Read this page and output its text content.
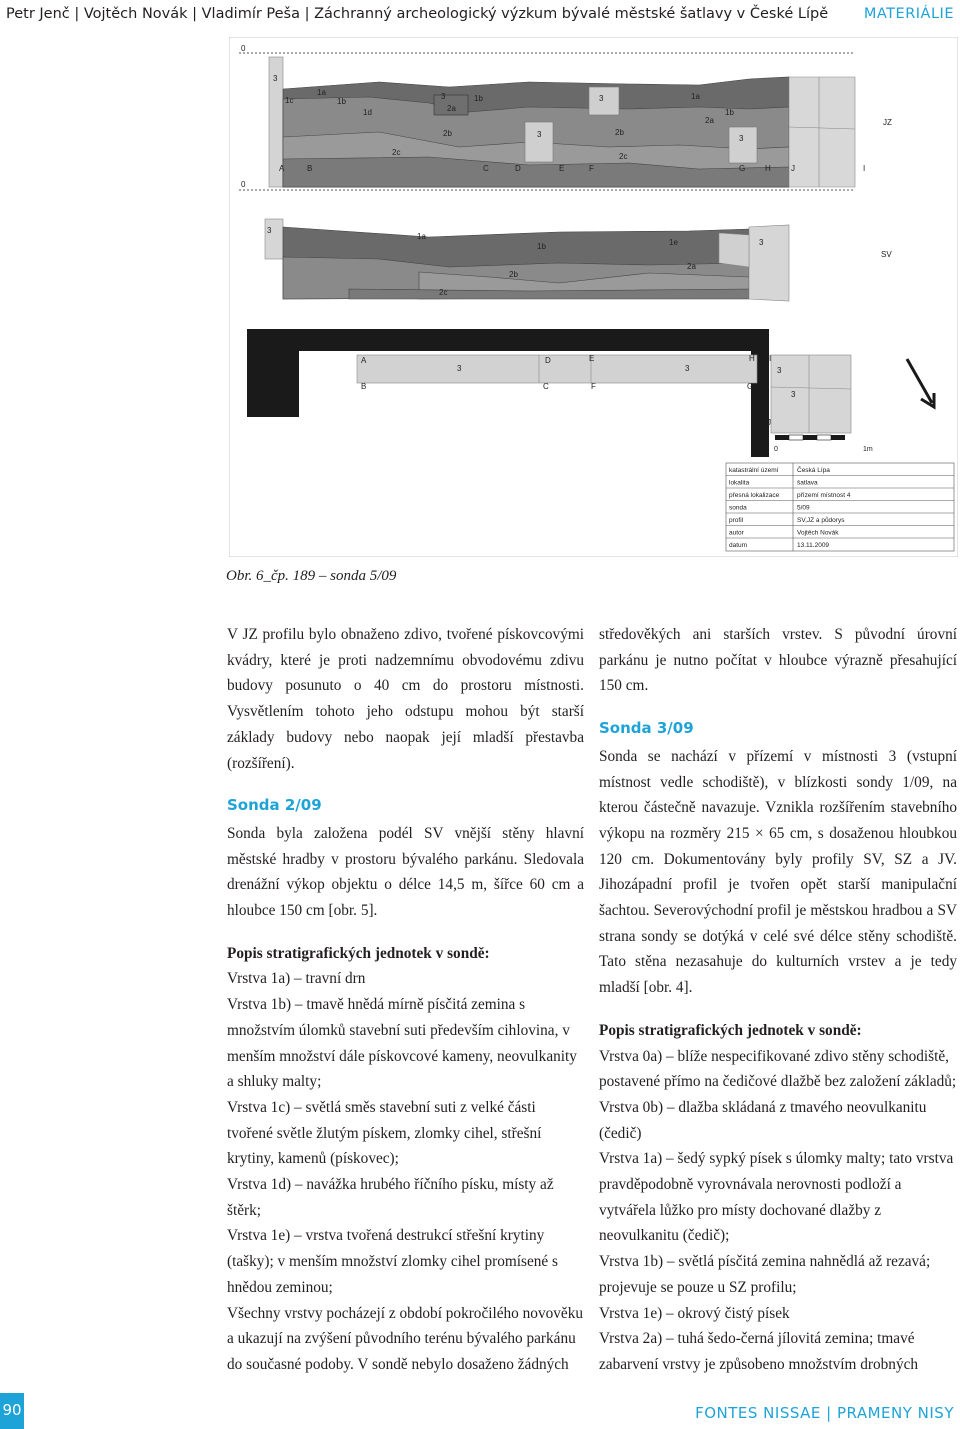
Petr Jenč | Vojtěch Novák | Vladimír Peša | Záchranný archeologický výzkum bývalé městské šatlavy v České Lípě MATERIÁLIE
0
3
1c
1a
1b
1d
3
2a
1b
3
2b
3	1a
2a
1b
3
2b
2c	2c
JZ
A	B	C	D	E	F	G H	J	I
0
3
1a
1b	1e	3
2a
2b
2c
SV
A	D	E	H I
B	C	F	G
J
3	3	3
3
0	1m
katastrální území	Česká Lípa
lokalita	šatlava
přesná lokalizace	přízemí místnost 4
sonda	5/09
profil	SV,JZ a půdorys
autor	Vojtěch Novák
datum	13.11.2009
Obr. 6_čp. 189 – sonda 5/09

V JZ profilu bylo obnaženo zdivo, tvořené pískovcovými kvádry, které je proti nadzemnímu obvodovému zdivu budovy posunuto o 40 cm do prostoru místnosti. Vysvětlením tohoto jeho odstupu mohou být starší základy budovy nebo naopak její mladší přestavba (rozšíření).

Sonda 2/09

Sonda byla založena podél SV vnější stěny hlavní městské hradby v prostoru bývalého parkánu. Sledovala drenážní výkop objektu o délce 14,5 m, šířce 60 cm a hloubce 150 cm [obr. 5].

Popis stratigrafických jednotek v sondě:

Vrstva 1a) – travní drn

Vrstva 1b) – tmavě hnědá mírně písčitá zemina s množstvím úlomků stavební suti především cihlovina, v menším množství dále pískovcové kameny, neovulkanity a shluky malty;

Vrstva 1c) – světlá směs stavební suti z velké části tvořené světle žlutým pískem, zlomky cihel, střešní krytiny, kamenů (pískovec);

Vrstva 1d) – navážka hrubého říčního písku, místy až štěrk;

Vrstva 1e) – vrstva tvořená destrukcí střešní krytiny (tašky); v menším množství zlomky cihel promísené s hnědou zeminou;

Všechny vrstvy pocházejí z období pokročilého novověku a ukazují na zvýšení původního terénu bývalého parkánu do současné podoby. V sondě nebylo dosaženo žádných

středověkých ani starších vrstev. S původní úrovní parkánu je nutno počítat v hloubce výrazně přesahující 150 cm.

Sonda 3/09

Sonda se nachází v přízemí v místnosti 3 (vstupní místnost vedle schodiště), v blízkosti sondy 1/09, na kterou částečně navazuje. Vznikla rozšířením stavebního výkopu na rozměry 215 × 65 cm, s dosaženou hloubkou 120 cm. Dokumentovány byly profily SV, SZ a JV. Jihozápadní profil je tvořen opět starší manipulační šachtou. Severovýchodní profil je městskou hradbou a SV strana sondy se dotýká v celé své délce stěny schodiště. Tato stěna nezasahuje do kulturních vrstev a je tedy mladší [obr. 4].

Popis stratigrafických jednotek v sondě:

Vrstva 0a) – blíže nespecifikované zdivo stěny schodiště, postavené přímo na čedičové dlažbě bez založení základů;

Vrstva 0b) – dlažba skládaná z tmavého neovulkanitu (čedič)

Vrstva 1a) – šedý sypký písek s úlomky malty; tato vrstva pravděpodobně vyrovnávala nerovnosti podloží a vytvářela lůžko pro místy dochované dlažby z neovulkanitu (čedič);

Vrstva 1b) – světlá písčitá zemina nahnědlá až rezavá; projevuje se pouze u SZ profilu;

Vrstva 1e) – okrový čistý písek

Vrstva 2a) – tuhá šedo-černá jílovitá zemina; tmavé zabarvení vrstvy je způsobeno množstvím drobných

90	FONTES NISSAE | PRAMENY NISY
